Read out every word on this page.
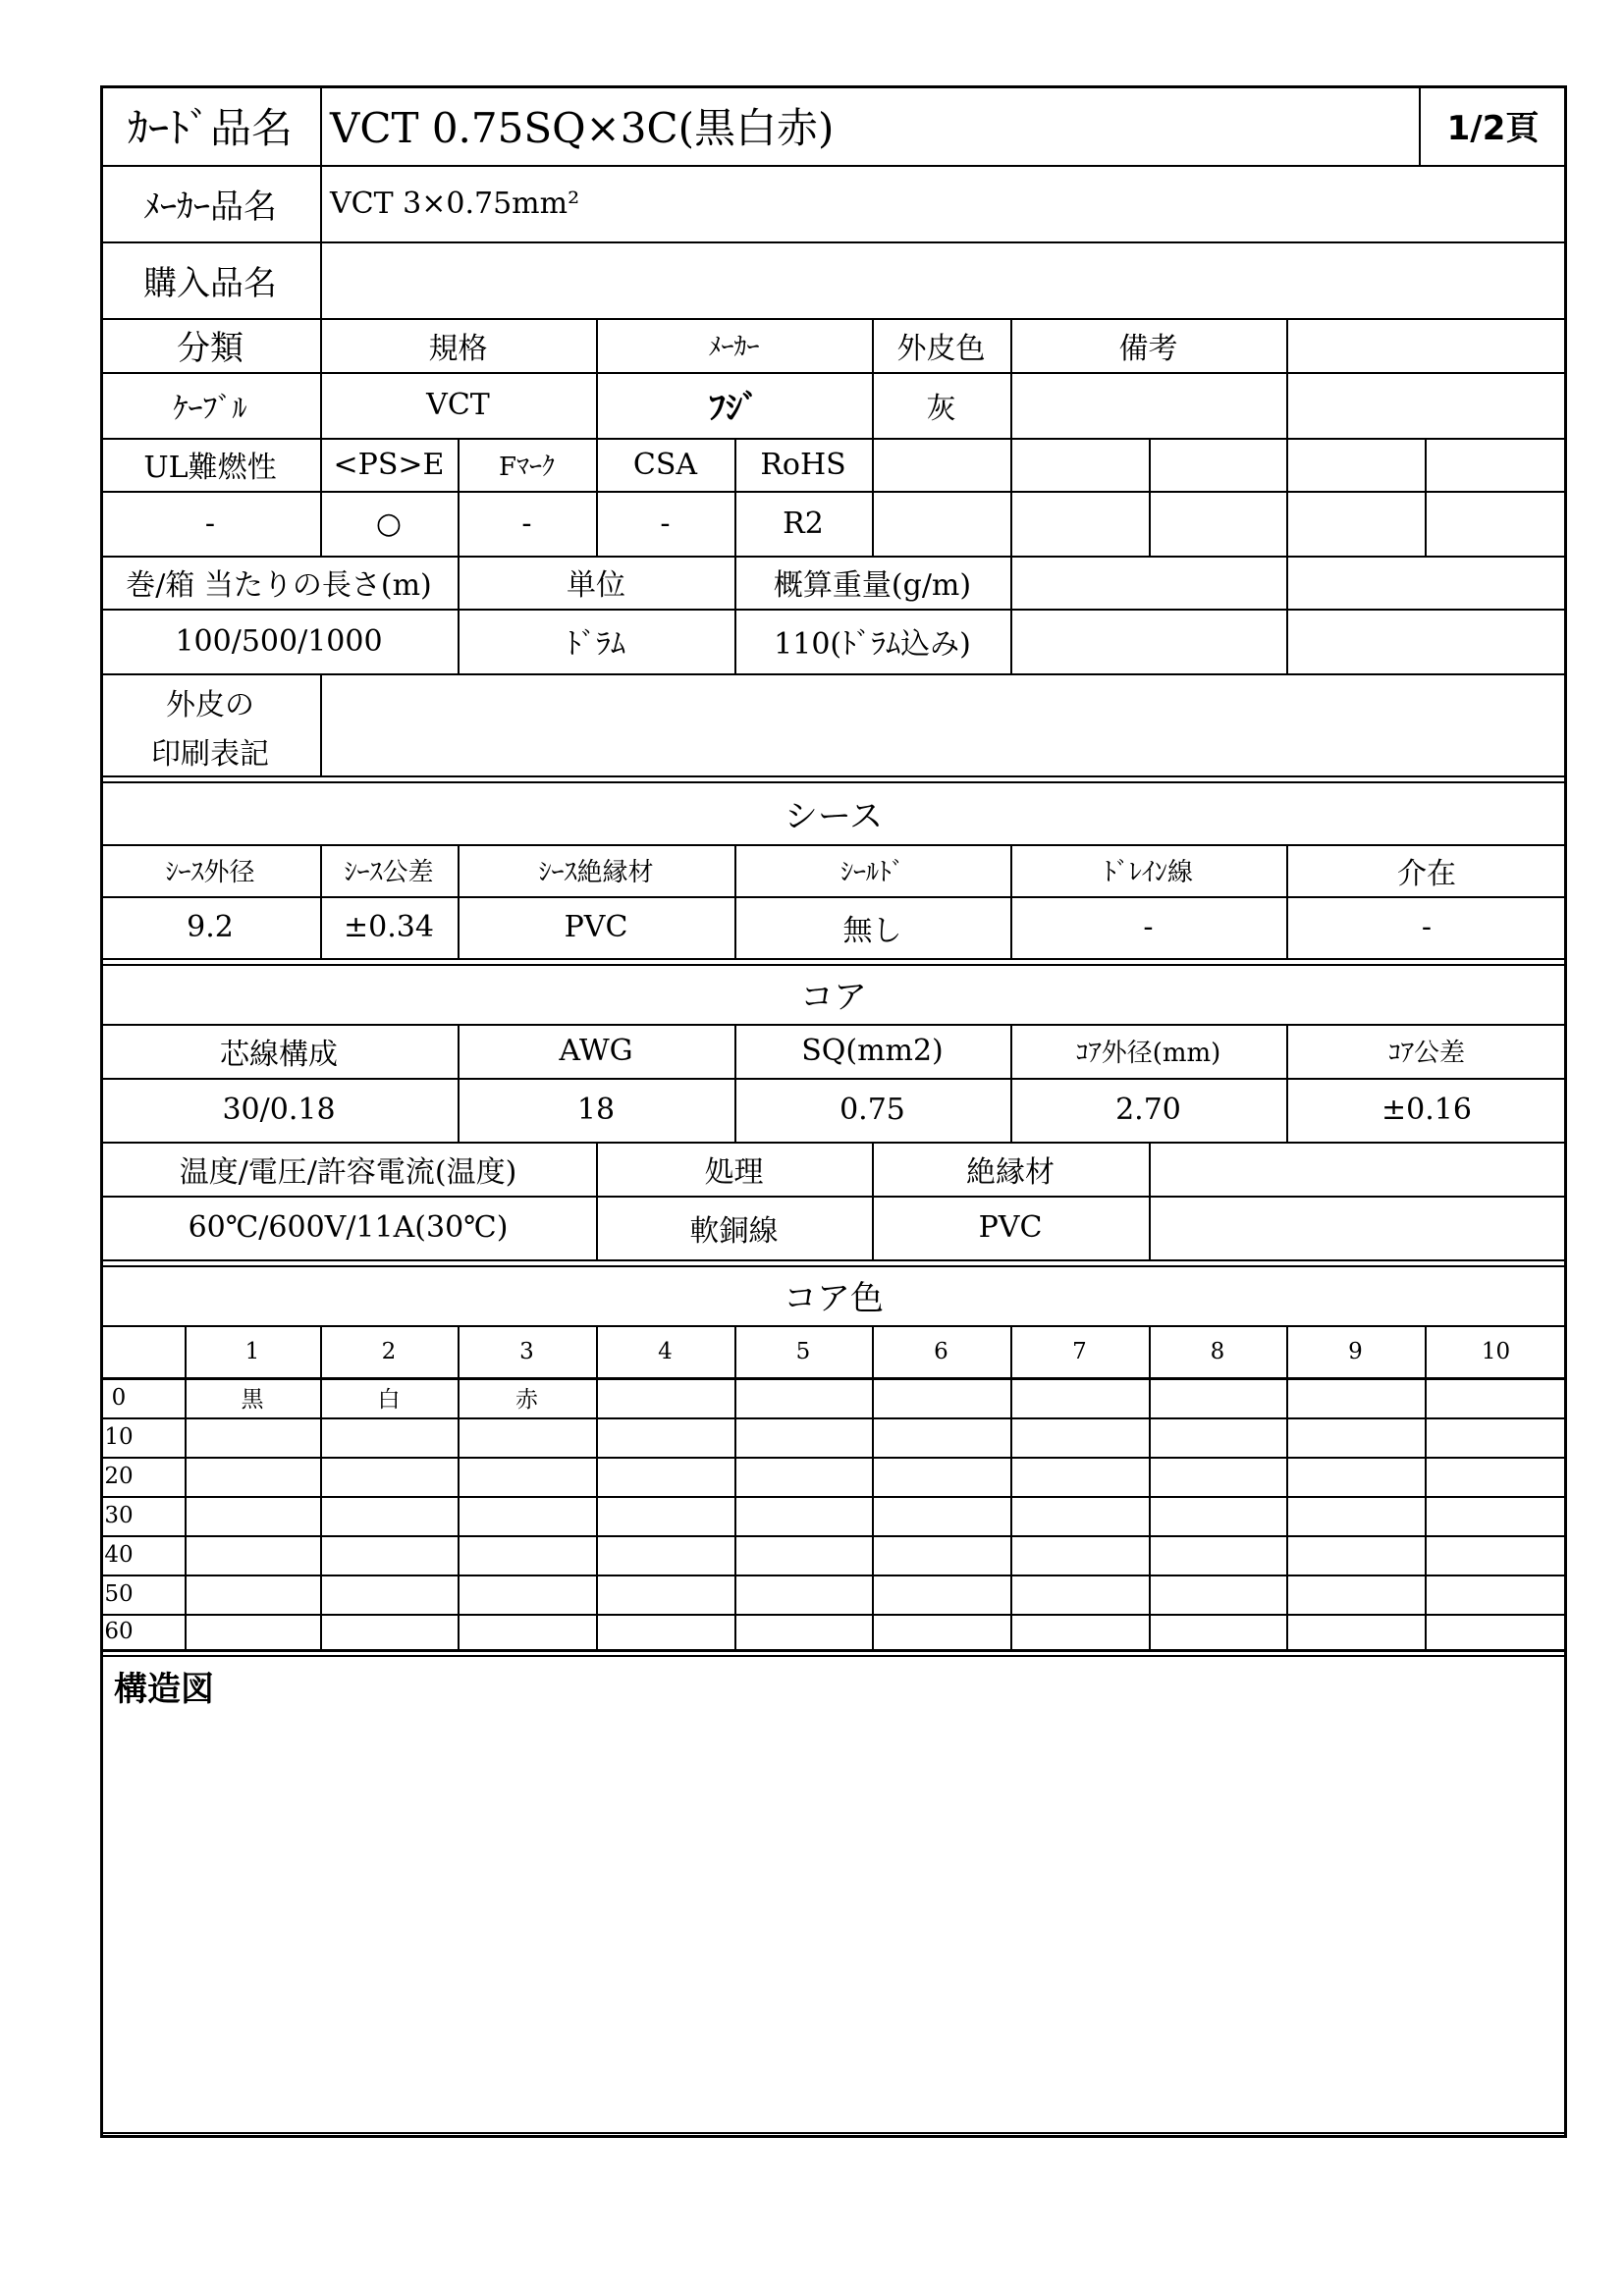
ｶｰﾄﾞ品名 VCT 0.75SQ×3C(黒白赤)	1/2頁
ﾒｰｶｰ品名	VCT 3×0.75mm²
購入品名
分類	規格	ﾒｰｶｰ	外皮色	備考
ｹｰﾌﾞﾙ	VCT	ﾌｼﾞ	灰
UL難燃性	<PS>E	Fﾏｰｸ	CSA	RoHS
-	○	-	-	R2
巻/箱 当たりの長さ(m)	単位	概算重量(g/m)
100/500/1000	ﾄﾞﾗﾑ	110(ﾄﾞﾗﾑ込み)
外皮の
印刷表記
シース
ｼｰｽ外径	ｼｰｽ公差	ｼｰｽ絶縁材	ｼｰﾙﾄﾞ	ﾄﾞﾚｲﾝ線	介在
9.2	±0.34	PVC	無し	-	-
コア
芯線構成	AWG	SQ(mm2)	ｺｱ外径(mm)	ｺｱ公差
30/0.18	18	0.75	2.70	±0.16
温度/電圧/許容電流(温度)	処理	絶縁材
60℃/600V/11A(30℃)	軟銅線	PVC
コア色
1	2	3	4	5	6	7	8	9	10
0	黒	白	赤
10
20
30
40
50
60
構造図
